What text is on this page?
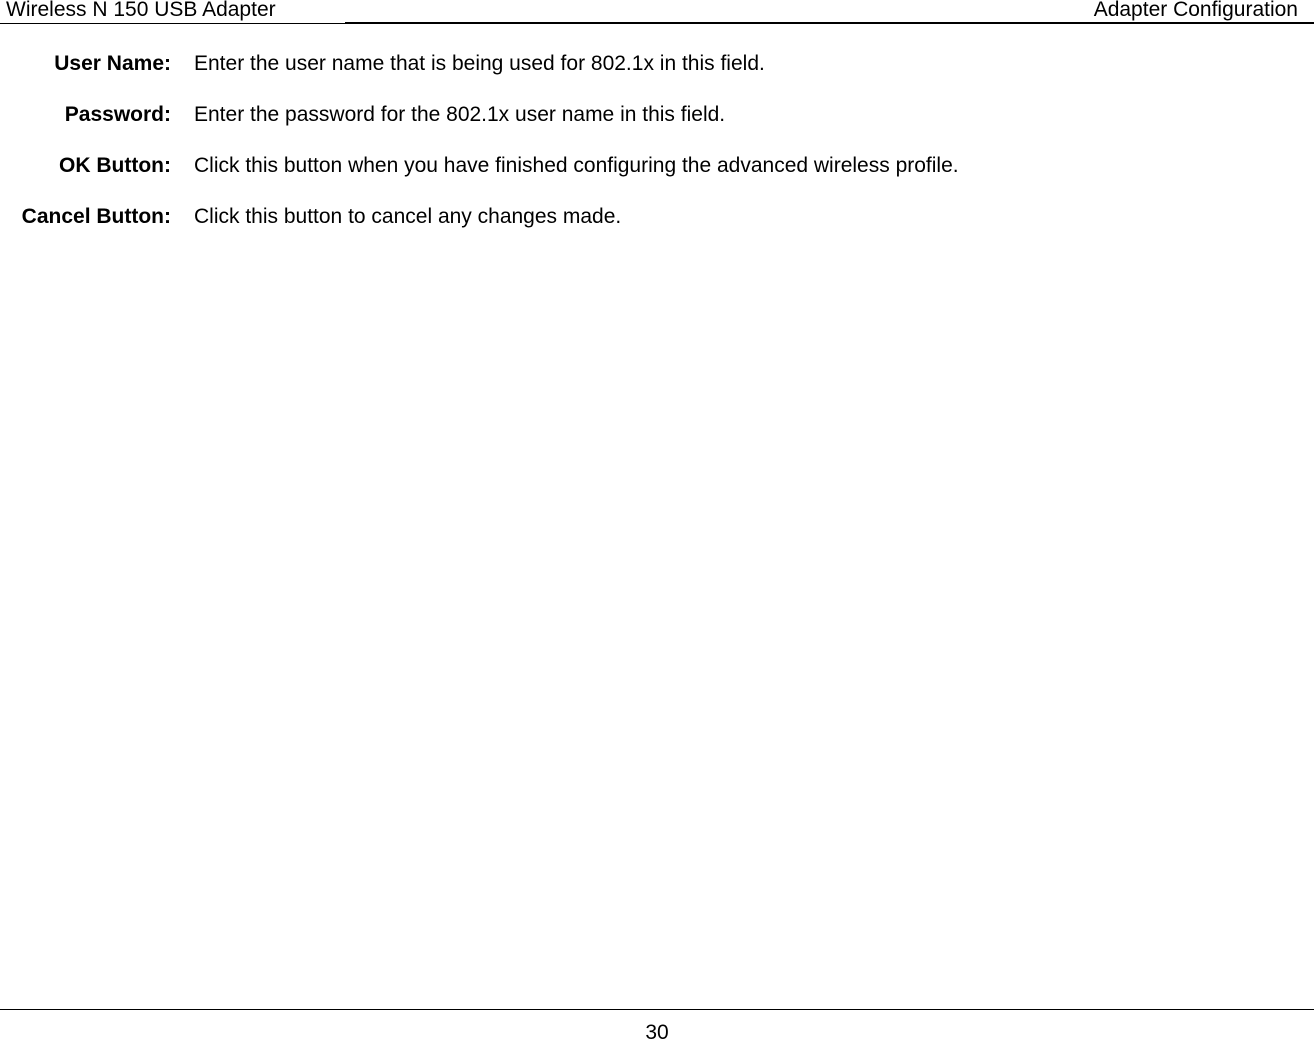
Wireless N 150 USB Adapter	Adapter Configuration
User Name: Enter the user name that is being used for 802.1x in this field.
Password: Enter the password for the 802.1x user name in this field.
OK Button: Click this button when you have finished configuring the advanced wireless profile.
Cancel Button: Click this button to cancel any changes made.
30
